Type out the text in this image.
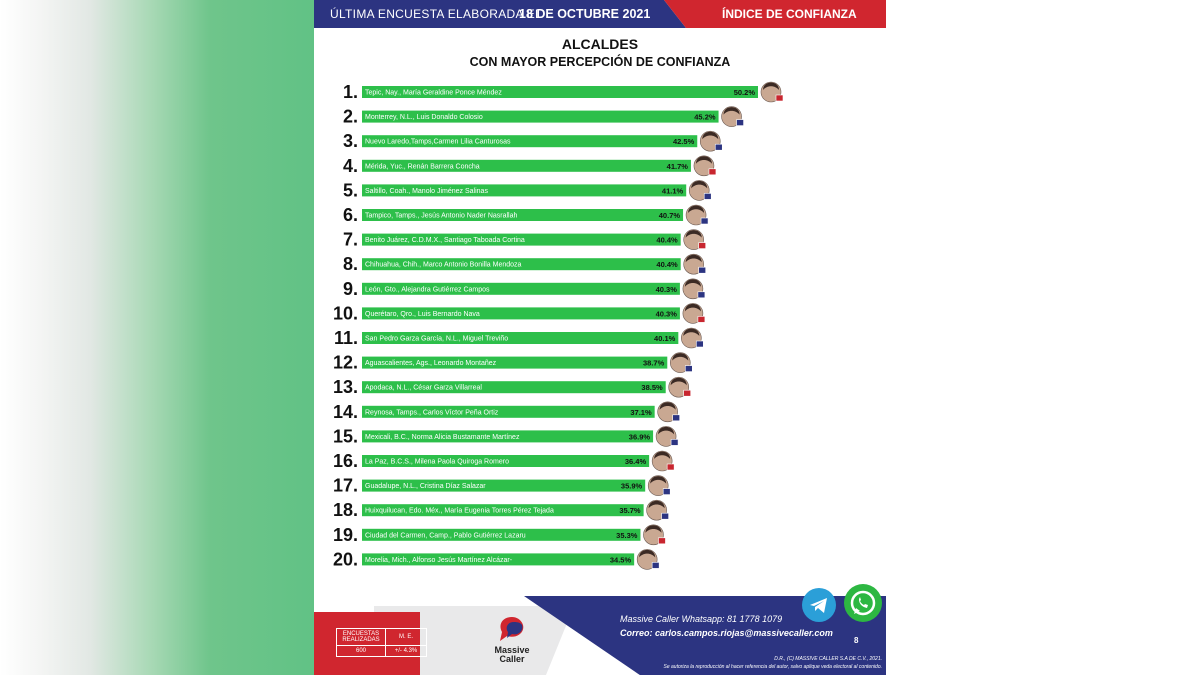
ÚLTIMA ENCUESTA ELABORADA EL
18 DE OCTUBRE 2021	ÍNDICE DE CONFIANZA
ALCALDES
CON MAYOR PERCEPCIÓN DE CONFIANZA
1. Tepic, Nay., María Geraldine Ponce Méndez	50.2%
2. Monterrey, N.L., Luis Donaldo Colosio	45.2%
3. Nuevo Laredo,Tamps,Carmen Lilia Canturosas	42.5%
4. Mérida, Yuc., Renán Barrera Concha	41.7%
5. Saltillo, Coah., Manolo Jiménez Salinas	41.1%
6. Tampico, Tamps., Jesús Antonio Nader Nasrallah	40.7%
7. Benito Juárez, C.D.M.X., Santiago Taboada Cortina	40.4%
8. Chihuahua, Chih., Marco Antonio Bonilla Mendoza	40.4%
9. León, Gto., Alejandra Gutiérrez Campos	40.3%
10. Querétaro, Qro., Luis Bernardo Nava	40.3%
11. San Pedro Garza García, N.L., Miguel Treviño	40.1%
12. Aguascalientes, Ags., Leonardo Montañez	38.7%
13. Apodaca, N.L., César Garza Villarreal	38.5%
14. Reynosa, Tamps., Carlos Víctor Peña Ortiz	37.1%
15. Mexicali, B.C., Norma Alicia Bustamante Martínez	36.9%
16. La Paz, B.C.S., Milena Paola Quiroga Romero	36.4%
17. Guadalupe, N.L., Cristina Díaz Salazar	35.9%
18. Huixquilucan, Edo. Méx., María Eugenia Torres Pérez Tejada	35.7%
19. Ciudad del Carmen, Camp., Pablo Gutiérrez Lazaru	35.3%
20. Morelia, Mich., Alfonso Jesús Martínez Alcázar-	34.5%
ENCUESTAS REALIZADAS	M. E.
600	+/- 4.3%	Massive Caller
Massive Caller Whatsapp: 81 1778 1079
Correo: carlos.campos.riojas@massivecaller.com
8
D.R., (C) MASSIVE CALLER S.A DE C.V., 2021.
Se autoriza la reproducción al hacer referencia del autor, salvo aplique veda electoral al contenido.
